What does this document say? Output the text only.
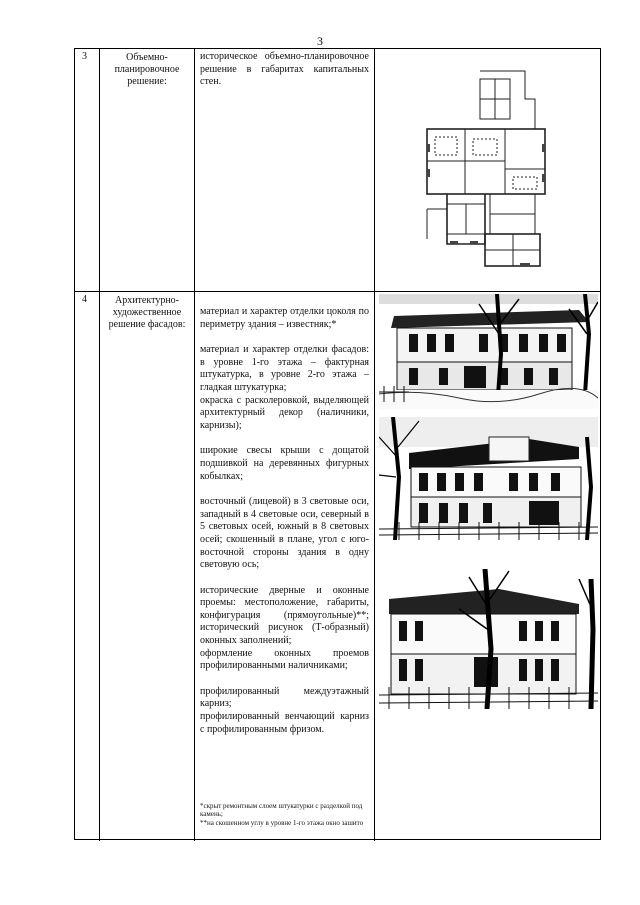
3
3	Объемно-планировочное решение:

историческое объемно-планировочное решение в габаритах капитальных стен.

4	Архитектурно-художественное решение фасадов:

материал и характер отделки цоколя по периметру здания – известняк;*

материал и характер отделки фасадов: в уровне 1-го этажа – фактурная штукатурка, в уровне 2-го этажа – гладкая штукатурка;

окраска с расколеровкой, выделяющей архитектурный декор (наличники, карнизы);

широкие свесы крыши с дощатой подшивкой на деревянных фигурных кобылках;

восточный (лицевой) в 3 световые оси, западный в 4 световые оси, северный в 5 световых осей, южный в 8 световых осей; скошенный в плане, угол с юго-восточной стороны здания в одну световую ось;

исторические дверные и оконные проемы: местоположение, габариты, конфигурация (прямоугольные)**; исторический рисунок (Т-образный) оконных заполнений;

оформление оконных проемов профилированными наличниками;

профилированный междуэтажный карниз;

профилированный венчающий карниз с профилированным фризом.

*скрыт ремонтным слоем штукатурки с разделкой под камень;

**на скошенном углу в уровне 1-го этажа окно зашито
